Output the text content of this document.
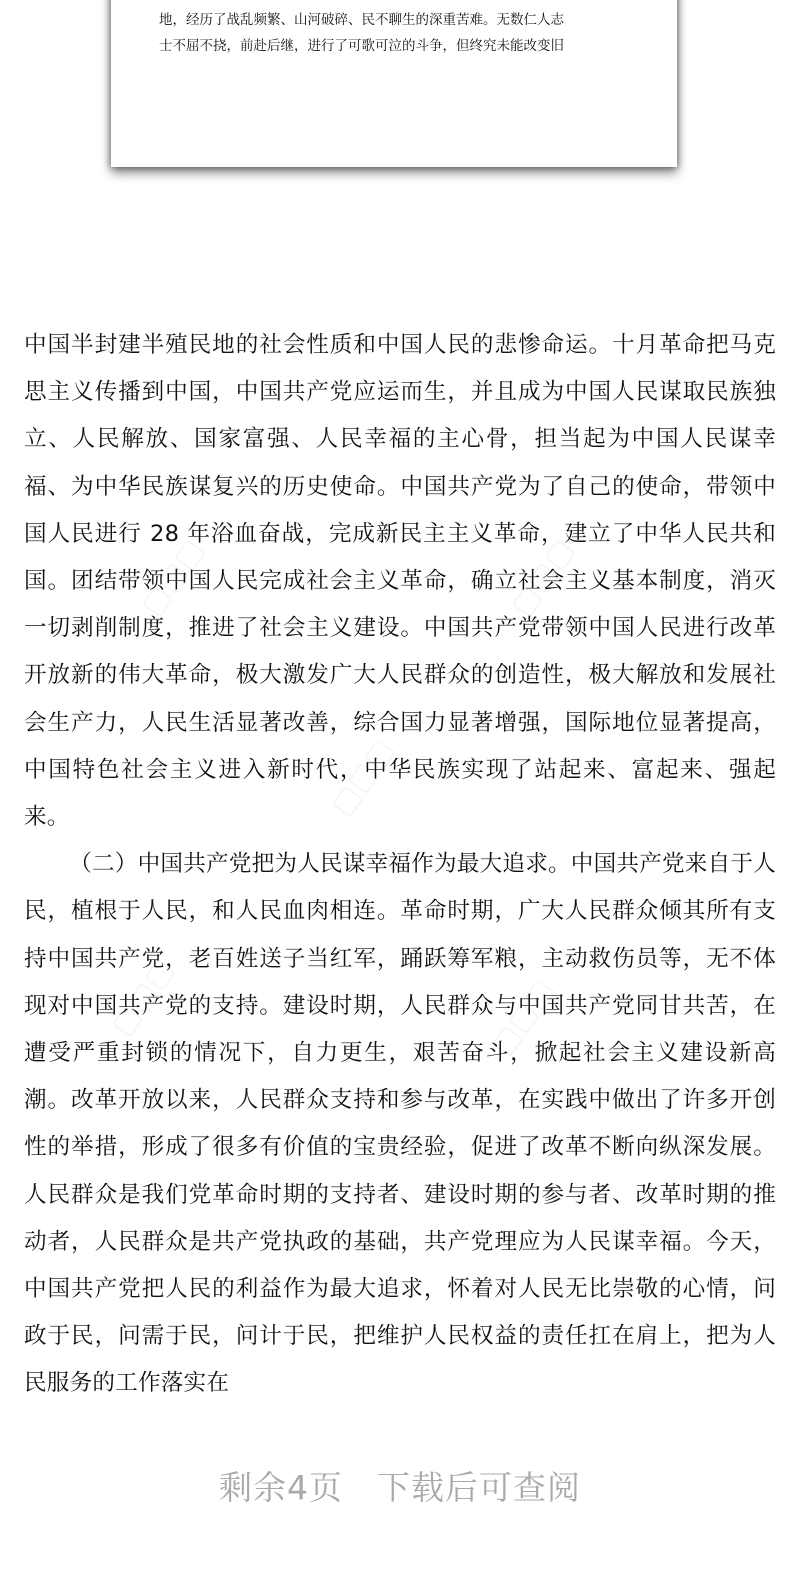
地，经历了战乱频繁、山河破碎、民不聊生的深重苦难。无数仁人志
士不屈不挠，前赴后继，进行了可歌可泣的斗争，但终究未能改变旧
▢▢▢	▢▢▢
▢▢▢
▢▢▢	▢▢▢

中国半封建半殖民地的社会性质和中国人民的悲惨命运。十月革命把马克思主义传播到中国，中国共产党应运而生，并且成为中国人民谋取民族独立、人民解放、国家富强、人民幸福的主心骨，担当起为中国人民谋幸福、为中华民族谋复兴的历史使命。中国共产党为了自己的使命，带领中国人民进行 28 年浴血奋战，完成新民主主义革命，建立了中华人民共和国。团结带领中国人民完成社会主义革命，确立社会主义基本制度，消灭一切剥削制度，推进了社会主义建设。中国共产党带领中国人民进行改革开放新的伟大革命，极大激发广大人民群众的创造性，极大解放和发展社会生产力，人民生活显著改善，综合国力显著增强，国际地位显著提高，中国特色社会主义进入新时代，中华民族实现了站起来、富起来、强起来。

（二）中国共产党把为人民谋幸福作为最大追求。中国共产党来自于人民，植根于人民，和人民血肉相连。革命时期，广大人民群众倾其所有支持中国共产党，老百姓送子当红军，踊跃筹军粮，主动救伤员等，无不体现对中国共产党的支持。建设时期，人民群众与中国共产党同甘共苦，在遭受严重封锁的情况下，自力更生，艰苦奋斗，掀起社会主义建设新高潮。改革开放以来，人民群众支持和参与改革，在实践中做出了许多开创性的举措，形成了很多有价值的宝贵经验，促进了改革不断向纵深发展。人民群众是我们党革命时期的支持者、建设时期的参与者、改革时期的推动者，人民群众是共产党执政的基础，共产党理应为人民谋幸福。今天，中国共产党把人民的利益作为最大追求，怀着对人民无比崇敬的心情，问政于民，问需于民，问计于民，把维护人民权益的责任扛在肩上，把为人民服务的工作落实在

剩余4页 下载后可查阅
